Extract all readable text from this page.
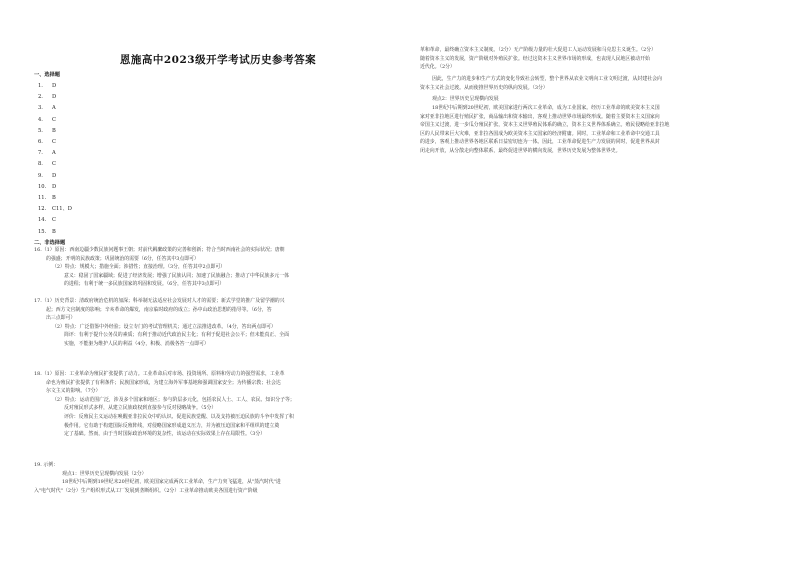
恩施高中2023级开学考试历史参考答案
一、选择题
1. D
2. D
3. A
4. C
5. B
6. C
7. A
8. C
9. D
10. D
11. B
12. C11、D
14. C
15. B
二、非选择题
16.（1）原因：西南边疆少数民族问题事王朝；对前代羁縻政策的完善和创新；符合当时西南社会的实际状况；唐朝
的强盛；开明的民族政策；巩固统治的需要（6分，任答其中3点即可）
（2）特点：规模大；措施全面；涉措性；直接治理。（3分，任答其中2点即可）
意义：稳固了国家疆域；促进了经济发展；增强了民族认同；加速了民族融合；推动了中华民族多元一体
的进程；有利于统一多民族国家的巩固和发展。（6分，任答其中3点即可）
17.（1）历史背景：清政府统治危机的加深；科举制无法适应社会发展对人才的需要；新式学堂的推广及留学潮的兴
起；西方文官制度的影响；辛亥革命的爆发，南京临时政府的成立；孙中山政治思想的指导等。（6分，答
出三点即可）
（2）特点：广泛借鉴中外经验；设立专门的考试管理机关；通过立法推进改革。（4分，答出两点即可）
简评：有利于提升公务员的素质；有利于推动近代政治民主化；有利于促进社会公平；但未能真正、全面
实施，不能驱为维护人民的利益（4分，积极、消极各答一点即可）
18.（1）原因：工业革命为殖民扩张提供了动力。工业革命后对市场、投资场所、原料和劳动力的强烈需求，工业革
命也为殖民扩张提供了有利条件；民族国家形成，为建立海外军事基地和强调国家安全；为传播宗教；社会达
尔文主义的影响。（7分）
（2）特点：运动范围广泛，涉及多个国家和地区；参与阶层多元化，包括农民人士、工人、农民、知识分子等；
反对殖民形式多样，从建立民族政权到直接参与反对侵略战争。（5分）
评价：反殖民主义运动在唤醒亚非拉民众中的认识、促进民族觉醒、以及支持被压迫民族的斗争中发挥了积
极作用。它有助于构建国际反殖阵线，对侵略国家形成道义压力，并为被压迫国家和平组织的建立奠
定了基础。然而，由于当时国际政治环境的复杂性，该运动在实际效果上存在局限性。（3分）
19. 示例：
观点1：世界历史呈现横向发展（2分）
18世纪中后期到19世纪末20世纪初，欧美国家完成两次工业革命，生产力突飞猛进，从"蒸汽时代"进
入"电气时代"（2分）生产组织形式从工厂发展到垄断组织。（2分）工业革命推动欧美各国进行资产阶级
革和革命，最终确立资本主义制度。（2分）无产阶级力量的壮大促进工人运动发展和马克思主义诞生。（2分）
随着资本主义的发展，资产阶级对外殖民扩张。经过这资本主义世界市场的形成，也丧现人民地区被动开始
近代化。（2分）
因此，生产力的进步和生产方式的变化导致社会转型，整个世界从农业文明向工业文明过渡，从封建社会向
资本主义社会过渡。从而使推世界历史的纵向发展。（3分）
观点2：世界历史呈现横向发展
18世纪中后期到20世纪初，欧美国家进行两次工业革命，成为工业国家。经历工业革命的欧美资本主义国
家对亚非拉地区进行殖民扩张，商品输出和资本输出，客观上推动世界市场最终形成。随着主要资本主义国家向
帝国主义过渡，进一步瓜分殖民扩张，资本主义世界殖民体系的确立，资本主义世界体系确立。殖民侵略给亚非拉地
区的人民带来巨大灾难，亚非拉各国成为欧美资本主义国家的经济附庸。同时，工业革命和工业革命中交通工具
的进步，客观上推动世界各地区联系日益密切连为一体。因此，工业革命促进生产力发展的同时，促进世界从封
闭走向开放，从分散走向整体联系，最终促进世界的横向发展，世界历史发展为整体世界史。
